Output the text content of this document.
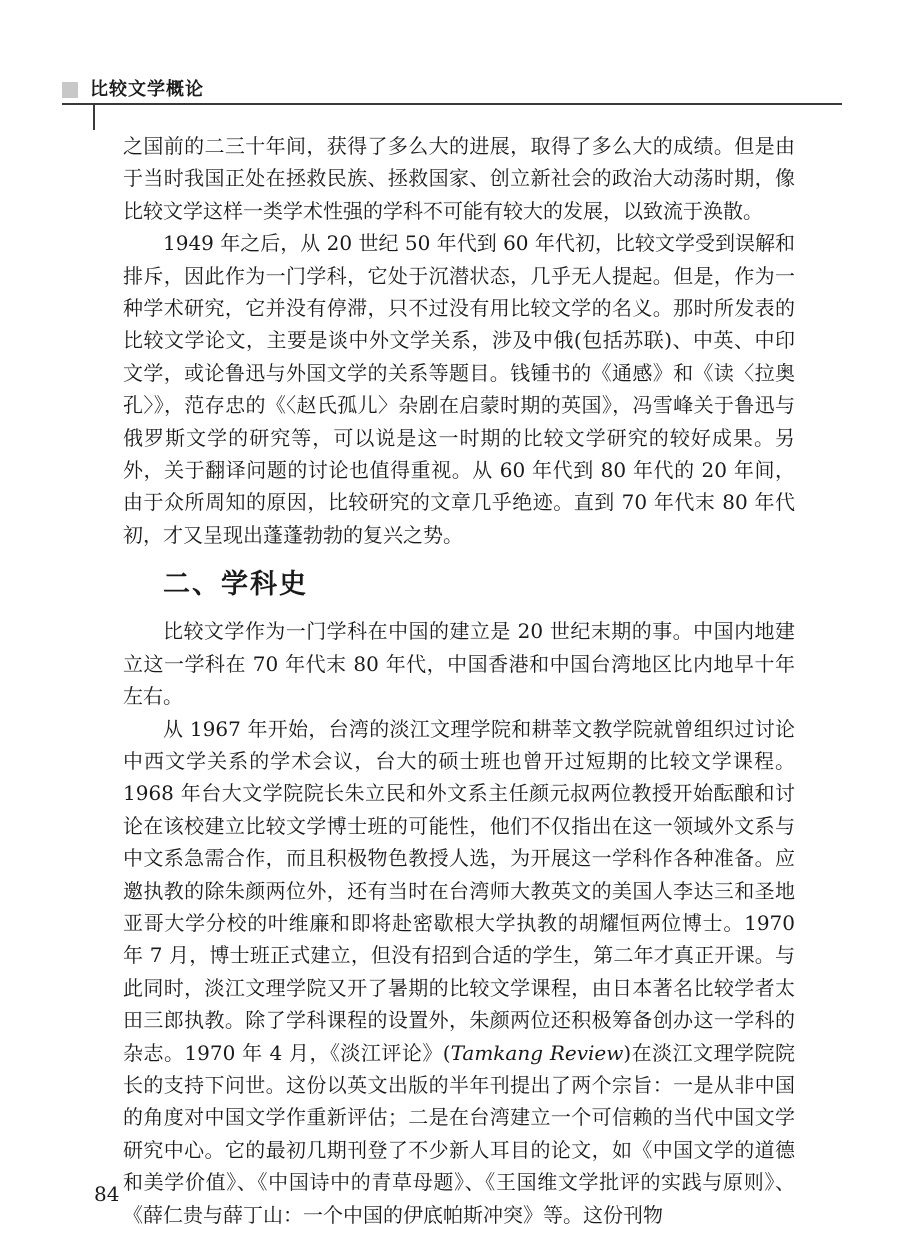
比较文学概论

之国前的二三十年间，获得了多么大的进展，取得了多么大的成绩。但是由于当时我国正处在拯救民族、拯救国家、创立新社会的政治大动荡时期，像比较文学这样一类学术性强的学科不可能有较大的发展，以致流于涣散。

1949 年之后，从 20 世纪 50 年代到 60 年代初，比较文学受到误解和排斥，因此作为一门学科，它处于沉潜状态，几乎无人提起。但是，作为一种学术研究，它并没有停滞，只不过没有用比较文学的名义。那时所发表的比较文学论文，主要是谈中外文学关系，涉及中俄(包括苏联)、中英、中印文学，或论鲁迅与外国文学的关系等题目。钱锺书的《通感》和《读〈拉奥孔〉》，范存忠的《〈赵氏孤儿〉杂剧在启蒙时期的英国》，冯雪峰关于鲁迅与俄罗斯文学的研究等，可以说是这一时期的比较文学研究的较好成果。另外，关于翻译问题的讨论也值得重视。从 60 年代到 80 年代的 20 年间，由于众所周知的原因，比较研究的文章几乎绝迹。直到 70 年代末 80 年代初，才又呈现出蓬蓬勃勃的复兴之势。

二、学科史

比较文学作为一门学科在中国的建立是 20 世纪末期的事。中国内地建立这一学科在 70 年代末 80 年代，中国香港和中国台湾地区比内地早十年左右。

从 1967 年开始，台湾的淡江文理学院和耕莘文教学院就曾组织过讨论中西文学关系的学术会议，台大的硕士班也曾开过短期的比较文学课程。1968 年台大文学院院长朱立民和外文系主任颜元叔两位教授开始酝酿和讨论在该校建立比较文学博士班的可能性，他们不仅指出在这一领域外文系与中文系急需合作，而且积极物色教授人选，为开展这一学科作各种准备。应邀执教的除朱颜两位外，还有当时在台湾师大教英文的美国人李达三和圣地亚哥大学分校的叶维廉和即将赴密歇根大学执教的胡耀恒两位博士。1970 年 7 月，博士班正式建立，但没有招到合适的学生，第二年才真正开课。与此同时，淡江文理学院又开了暑期的比较文学课程，由日本著名比较学者太田三郎执教。除了学科课程的设置外，朱颜两位还积极筹备创办这一学科的杂志。1970 年 4 月，《淡江评论》(Tamkang Review)在淡江文理学院院长的支持下问世。这份以英文出版的半年刊提出了两个宗旨：一是从非中国的角度对中国文学作重新评估；二是在台湾建立一个可信赖的当代中国文学研究中心。它的最初几期刊登了不少新人耳目的论文，如《中国文学的道德和美学价值》、《中国诗中的青草母题》、《王国维文学批评的实践与原则》、《薛仁贵与薛丁山：一个中国的伊底帕斯冲突》等。这份刊物

84
